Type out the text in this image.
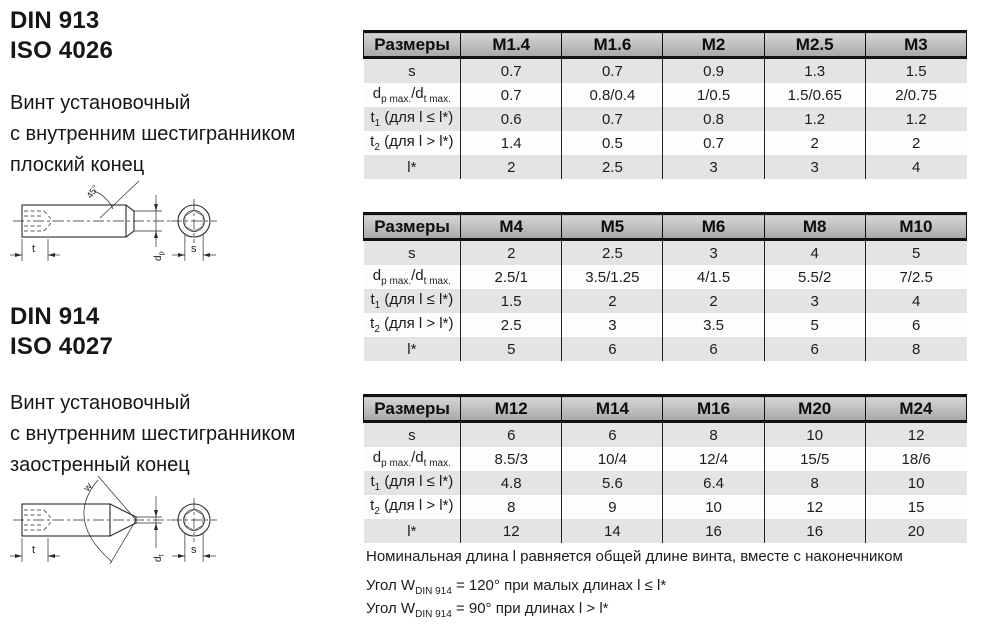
DIN 913
ISO 4026
Винт установочный
с внутренним шестигранником
плоский конец
45°
t
$d_p$ s
DIN 914
ISO 4027
Винт установочный
с внутренним шестигранником
заостренный конец
w
t
$d_t$ s
Размеры	M1.4	M1.6	M2	M2.5	M3
s	0.7	0.7	0.9	1.3	1.5
$d_{p max.}/d_{t max.}$	0.7	0.8/0.4	1/0.5	1.5/0.65	2/0.75
$t_1$ (для l ≤ l*)	0.6	0.7	0.8	1.2	1.2
$t_2$ (для l > l*)	1.4	0.5	0.7	2	2
l*	2	2.5	3	3	4
Размеры	M4	M5	M6	M8	M10
s	2	2.5	3	4	5
$d_{p max.}/d_{t max.}$	2.5/1	3.5/1.25	4/1.5	5.5/2	7/2.5
$t_1$ (для l ≤ l*)	1.5	2	2	3	4
$t_2$ (для l > l*)	2.5	3	3.5	5	6
l*	5	6	6	6	8
Размеры	M12	M14	M16	M20	M24
s	6	6	8	10	12
$d_{p max.}/d_{t max.}$	8.5/3	10/4	12/4	15/5	18/6
$t_1$ (для l ≤ l*)	4.8	5.6	6.4	8	10
$t_2$ (для l > l*)	8	9	10	12	15
l*	12	14	16	16	20
Номинальная длина l равняется общей длине винта, вместе с наконечником
Угол $W_{DIN 914} = 120^\circ$ при малых длинах l ≤ l*
Угол $W_{DIN 914} = 90^\circ$ при длинах l > l*
